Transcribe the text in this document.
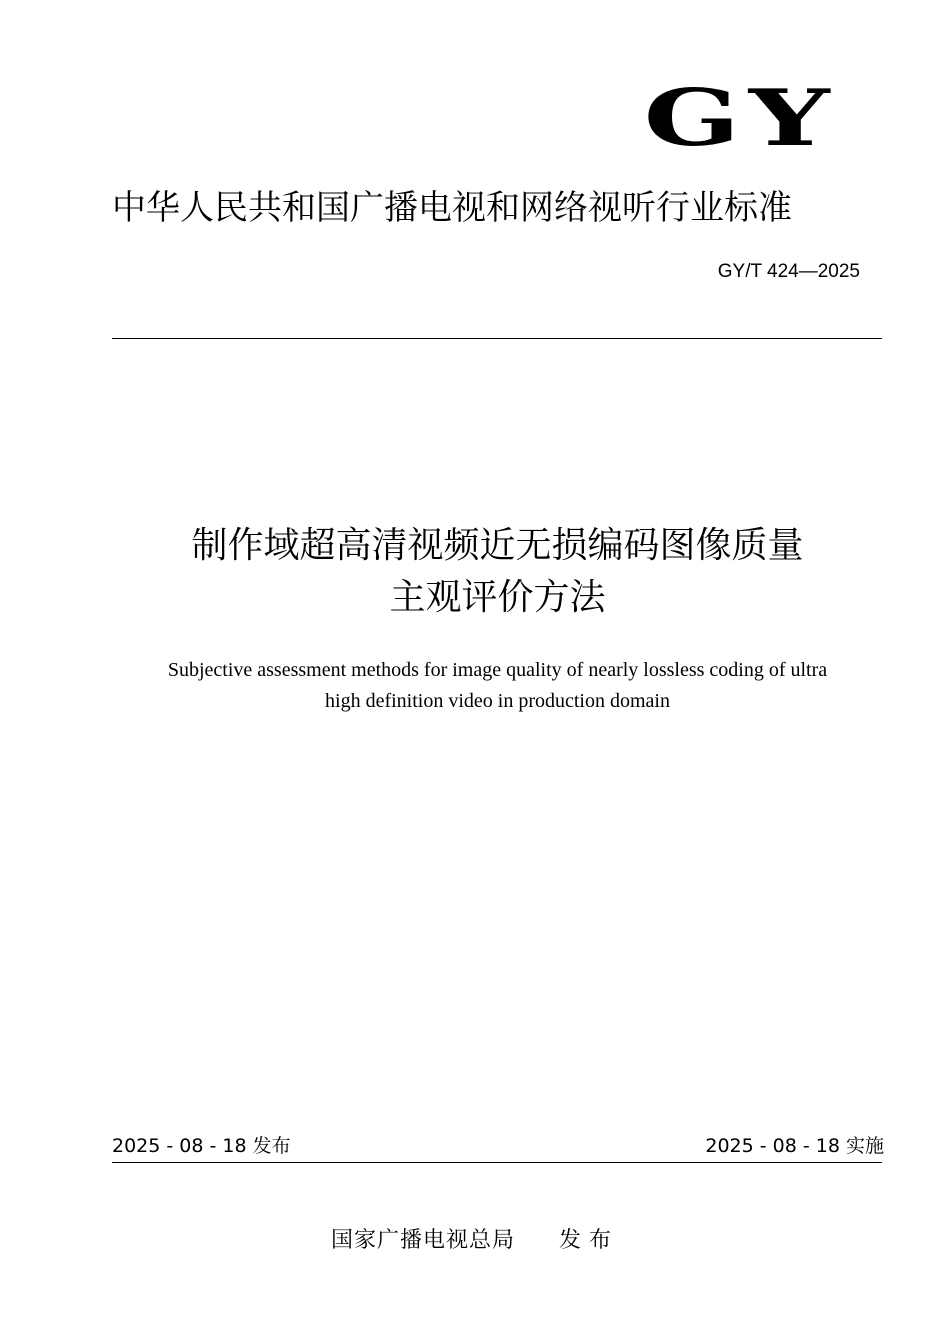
GY
中华人民共和国广播电视和网络视听行业标准
GY/T 424—2025
制作域超高清视频近无损编码图像质量
主观评价方法
Subjective assessment methods for image quality of nearly lossless coding of ultra
high definition video in production domain
2025 - 08 - 18 发布	2025 - 08 - 18 实施
国家广播电视总局 发布
